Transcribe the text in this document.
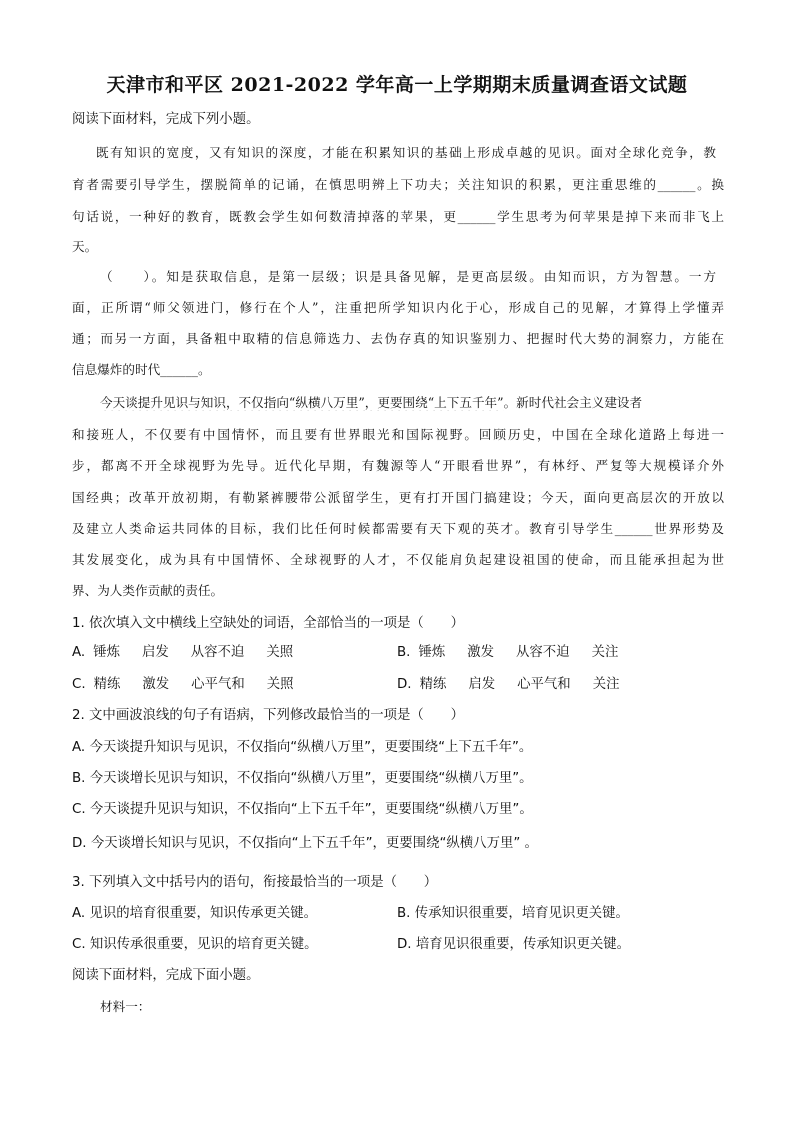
天津市和平区 2021-2022 学年高一上学期期末质量调查语文试题
阅读下面材料，完成下列小题。
既有知识的宽度，又有知识的深度，才能在积累知识的基础上形成卓越的见识。面对全球化竞争，教
育者需要引导学生，摆脱简单的记诵，在慎思明辨上下功夫；关注知识的积累，更注重思维的______。换
句话说，一种好的教育，既教会学生如何数清掉落的苹果，更______学生思考为何苹果是掉下来而非飞上
天。
（　　）。知是获取信息，是第一层级；识是具备见解，是更高层级。由知而识，方为智慧。一方
面，正所谓“师父领进门，修行在个人”，注重把所学知识内化于心，形成自己的见解，才算得上学懂弄
通；而另一方面，具备粗中取精的信息筛选力、去伪存真的知识鉴别力、把握时代大势的洞察力，方能在
信息爆炸的时代______。
今天谈提升见识与知识，不仅指向“纵横八万里”，更要围绕“上下五千年”。新时代社会主义建设者
和接班人，不仅要有中国情怀，而且要有世界眼光和国际视野。回顾历史，中国在全球化道路上每进一
步，都离不开全球视野为先导。近代化早期，有魏源等人“开眼看世界”，有林纾、严复等大规模译介外
国经典；改革开放初期，有勒紧裤腰带公派留学生，更有打开国门搞建设；今天，面向更高层次的开放以
及建立人类命运共同体的目标，我们比任何时候都需要有天下观的英才。教育引导学生______世界形势及
其发展变化，成为具有中国情怀、全球视野的人才，不仅能肩负起建设祖国的使命，而且能承担起为世
界、为人类作贡献的责任。
1. 依次填入文中横线上空缺处的词语，全部恰当的一项是（　　）
A. 锤炼 启发 从容不迫 关照	B. 锤炼 激发 从容不迫 关注
C. 精练 激发 心平气和 关照	D. 精练 启发 心平气和 关注
2. 文中画波浪线的句子有语病，下列修改最恰当的一项是（　　）
A. 今天谈提升知识与见识，不仅指向“纵横八万里”，更要围绕“上下五千年”。
B. 今天谈增长见识与知识，不仅指向“纵横八万里”，更要围绕“纵横八万里”。
C. 今天谈提升见识与知识，不仅指向“上下五千年”，更要围绕“纵横八万里”。
D. 今天谈增长知识与见识，不仅指向“上下五千年”，更要围绕“纵横八万里” 。
3. 下列填入文中括号内的语句，衔接最恰当的一项是（　　）
A. 见识的培育很重要，知识传承更关键。	B. 传承知识很重要，培育见识更关键。
C. 知识传承很重要，见识的培育更关键。	D. 培育见识很重要，传承知识更关键。
阅读下面材料，完成下面小题。
材料一：
